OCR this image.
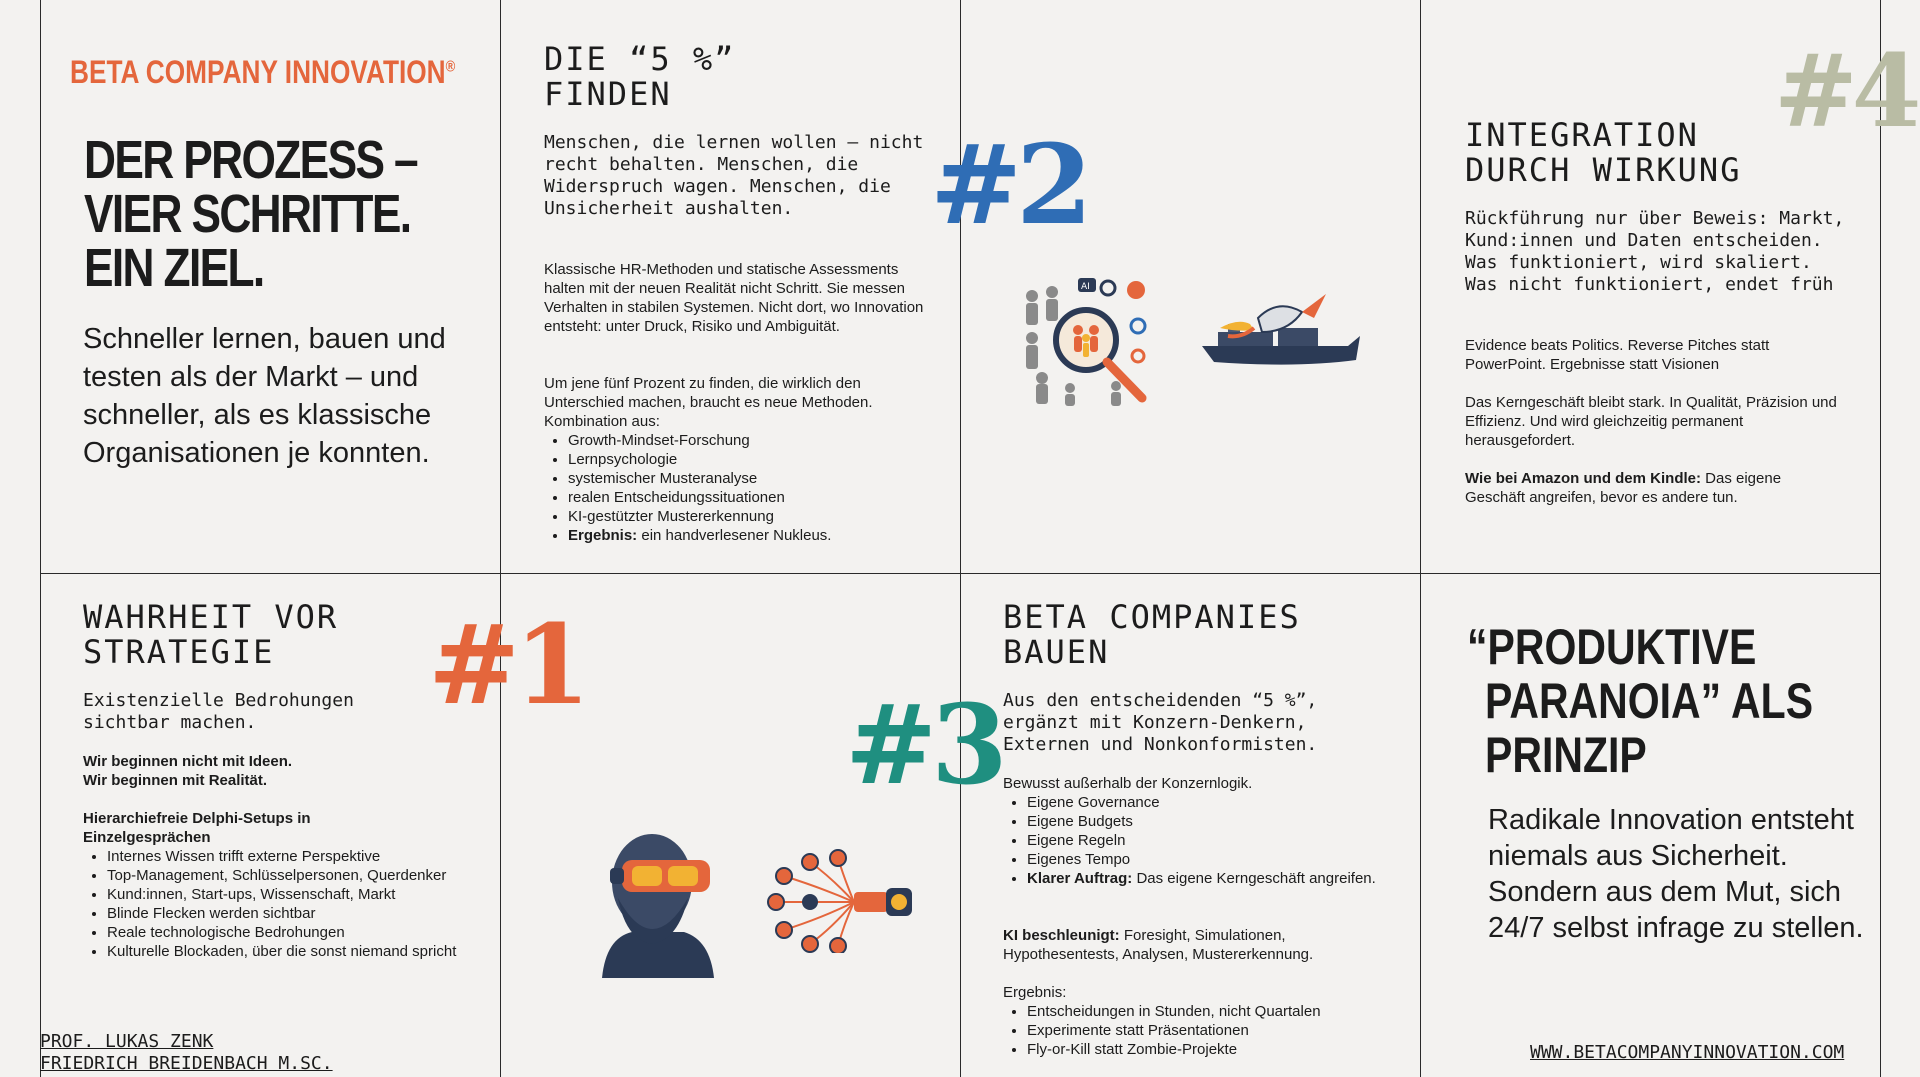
BETA COMPANY INNOVATION®
DER PROZESS –
VIER SCHRITTE.
EIN ZIEL.
Schneller lernen, bauen und testen als der Markt – und schneller, als es klassische Organisationen je konnten.
DIE “5 %”
FINDEN
Menschen, die lernen wollen – nicht recht behalten. Menschen, die Widerspruch wagen. Menschen, die Unsicherheit aushalten.
Klassische HR-Methoden und statische Assessments halten mit der neuen Realität nicht Schritt. Sie messen Verhalten in stabilen Systemen. Nicht dort, wo Innovation entsteht: unter Druck, Risiko und Ambiguität.
Um jene fünf Prozent zu finden, die wirklich den Unterschied machen, braucht es neue Methoden. Kombination aus:
• Growth-Mindset-Forschung
• Lernpsychologie
• systemischer Musteranalyse
• realen Entscheidungssituationen
• KI-gestützter Mustererkennung
• Ergebnis: ein handverlesener Nukleus.
#2
AI
#4
INTEGRATION
DURCH WIRKUNG
Rückführung nur über Beweis: Markt, Kund:innen und Daten entscheiden. Was funktioniert, wird skaliert. Was nicht funktioniert, endet früh
Evidence beats Politics. Reverse Pitches statt PowerPoint. Ergebnisse statt Visionen
Das Kerngeschäft bleibt stark. In Qualität, Präzision und Effizienz. Und wird gleichzeitig permanent herausgefordert.
Wie bei Amazon und dem Kindle: Das eigene Geschäft angreifen, bevor es andere tun.
WAHRHEIT VOR
STRATEGIE	#1
Existenzielle Bedrohungen sichtbar machen.
Wir beginnen nicht mit Ideen.
Wir beginnen mit Realität.
Hierarchiefreie Delphi-Setups in Einzelgesprächen
• Internes Wissen trifft externe Perspektive
• Top-Management, Schlüsselpersonen, Querdenker
• Kund:innen, Start-ups, Wissenschaft, Markt
• Blinde Flecken werden sichtbar
• Reale technologische Bedrohungen
• Kulturelle Blockaden, über die sonst niemand spricht
#3
BETA COMPANIES
BAUEN
Aus den entscheidenden “5 %”, ergänzt mit Konzern-Denkern, Externen und Nonkonformisten.
Bewusst außerhalb der Konzernlogik.
• Eigene Governance
• Eigene Budgets
• Eigene Regeln
• Eigenes Tempo
• Klarer Auftrag: Das eigene Kerngeschäft angreifen.
KI beschleunigt: Foresight, Simulationen, Hypothesentests, Analysen, Mustererkennung.
Ergebnis:
• Entscheidungen in Stunden, nicht Quartalen
• Experimente statt Präsentationen
• Fly-or-Kill statt Zombie-Projekte
“PRODUKTIVE
PARANOIA” ALS
PRINZIP
Radikale Innovation entsteht niemals aus Sicherheit. Sondern aus dem Mut, sich 24/7 selbst infrage zu stellen.
PROF. LUKAS ZENK
FRIEDRICH BREIDENBACH M.SC.
WWW.BETACOMPANYINNOVATION.COM
